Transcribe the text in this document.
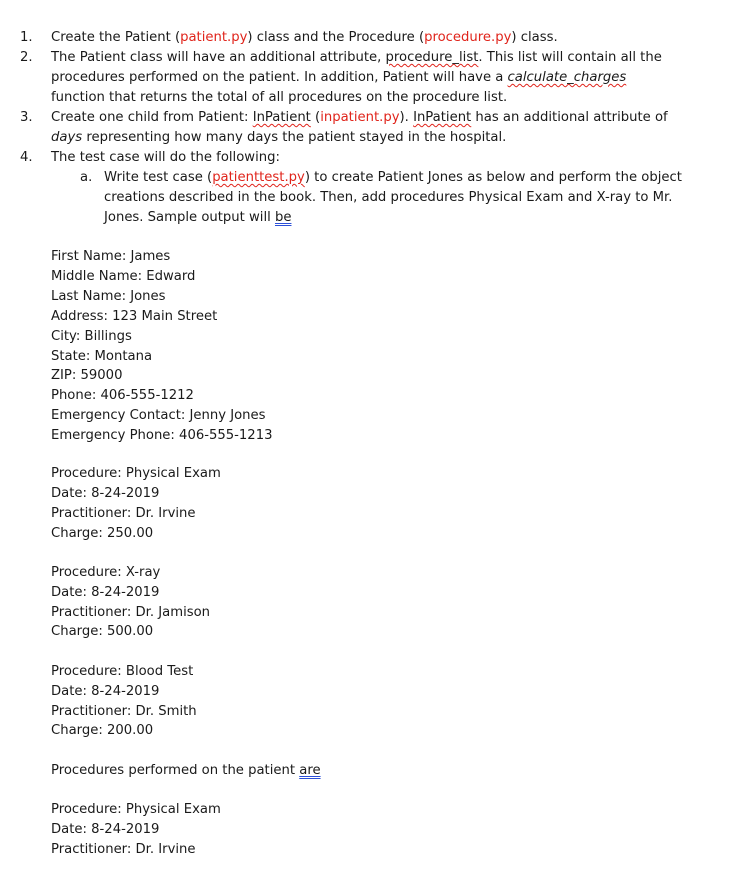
1. Create the Patient (patient.py) class and the Procedure (procedure.py) class.
2. The Patient class will have an additional attribute, procedure_list. This list will contain all the
procedures performed on the patient. In addition, Patient will have a calculate_charges
function that returns the total of all procedures on the procedure list.
3. Create one child from Patient: InPatient (inpatient.py). InPatient has an additional attribute of
days representing how many days the patient stayed in the hospital.
4. The test case will do the following:
a. Write test case (patienttest.py) to create Patient Jones as below and perform the object
creations described in the book. Then, add procedures Physical Exam and X-ray to Mr.
Jones. Sample output will be
First Name: James
Middle Name: Edward
Last Name: Jones
Address: 123 Main Street
City: Billings
State: Montana
ZIP: 59000
Phone: 406-555-1212
Emergency Contact: Jenny Jones
Emergency Phone: 406-555-1213
Procedure: Physical Exam
Date: 8-24-2019
Practitioner: Dr. Irvine
Charge: 250.00
Procedure: X-ray
Date: 8-24-2019
Practitioner: Dr. Jamison
Charge: 500.00
Procedure: Blood Test
Date: 8-24-2019
Practitioner: Dr. Smith
Charge: 200.00
Procedures performed on the patient are
Procedure: Physical Exam
Date: 8-24-2019
Practitioner: Dr. Irvine
